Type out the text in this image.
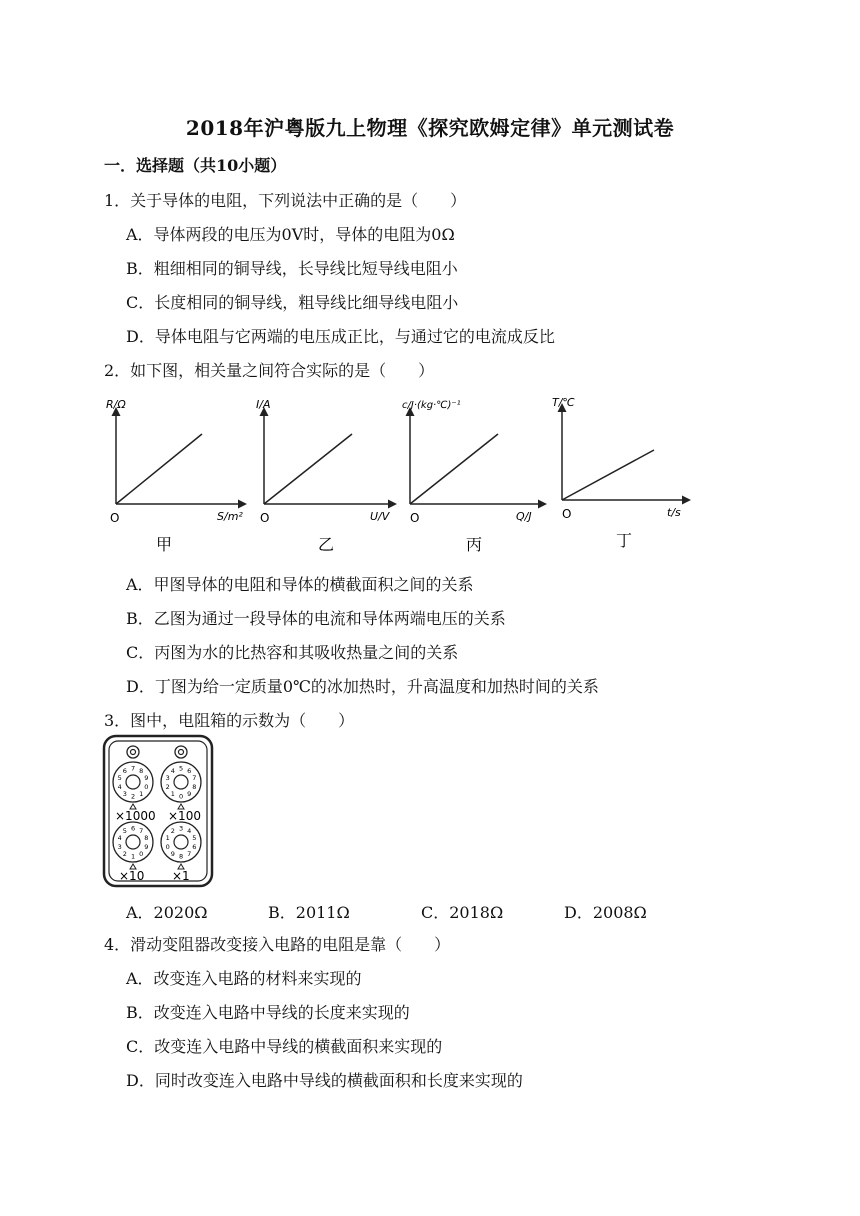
2018年沪粤版九上物理《探究欧姆定律》单元测试卷
一．选择题（共10小题）
1．关于导体的电阻，下列说法中正确的是（　　）
A．导体两段的电压为0V时，导体的电阻为0Ω
B．粗细相同的铜导线，长导线比短导线电阻小
C．长度相同的铜导线，粗导线比细导线电阻小
D．导体电阻与它两端的电压成正比，与通过它的电流成反比
2．如下图，相关量之间符合实际的是（　　）
R/Ω
S/m²
O
甲
I/A
U/V
O
乙
c/J·(kg·℃)⁻¹
Q/J
O
丙
T/℃
t/s
O
丁
A．甲图导体的电阻和导体的横截面积之间的关系
B．乙图为通过一段导体的电流和导体两端电压的关系
C．丙图为水的比热容和其吸收热量之间的关系
D．丁图为给一定质量0℃的冰加热时，升高温度和加热时间的关系
3．图中，电阻箱的示数为（　　）
0
1
2
3
4
5
6 7 8
9
0
1
2
3
4 5 6
7
8
9
0
1
2
3
4
5 6 7
8
9	0
1
2 3 4
5
6
7
8
9
×1000 ×100
×10 ×1
A．2020Ω	B．2011Ω	C．2018Ω	D．2008Ω
4．滑动变阻器改变接入电路的电阻是靠（　　）
A．改变连入电路的材料来实现的
B．改变连入电路中导线的长度来实现的
C．改变连入电路中导线的横截面积来实现的
D．同时改变连入电路中导线的横截面积和长度来实现的
